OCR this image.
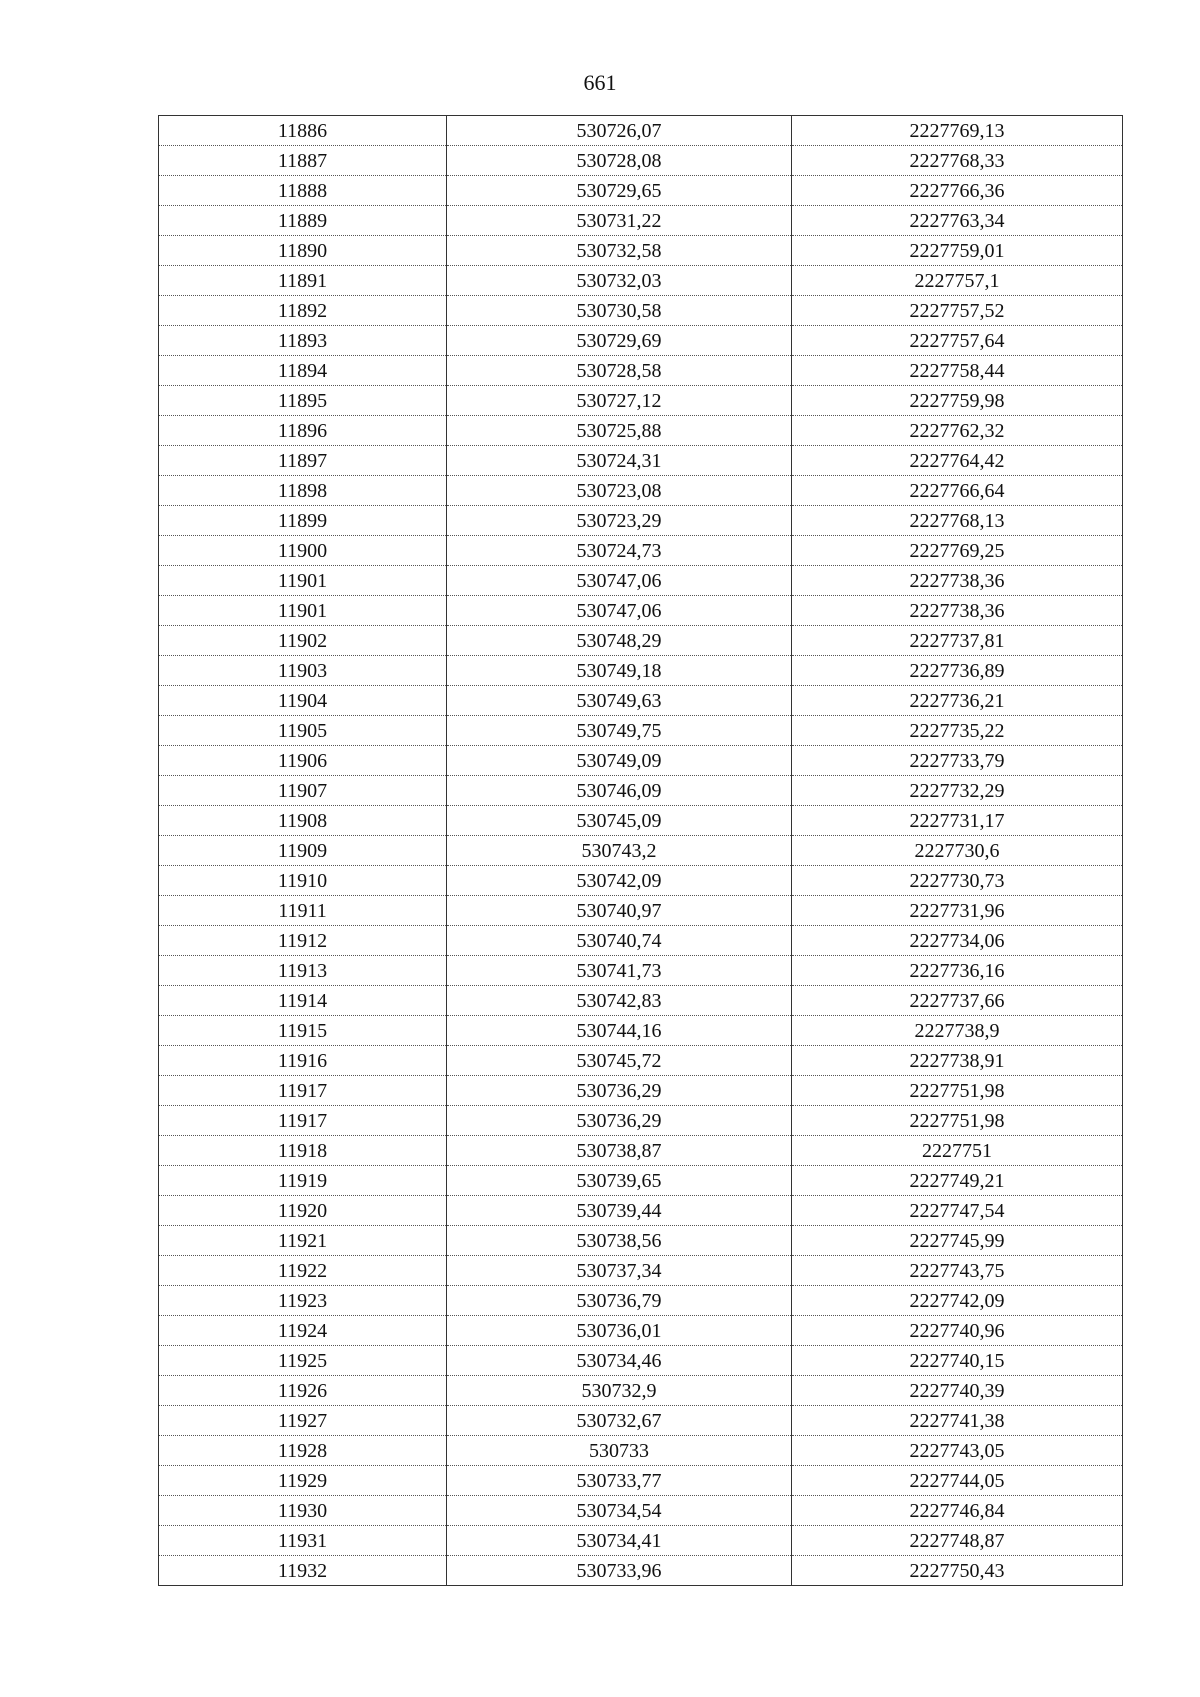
661
11886	530726,07	2227769,13
11887	530728,08	2227768,33
11888	530729,65	2227766,36
11889	530731,22	2227763,34
11890	530732,58	2227759,01
11891	530732,03	2227757,1
11892	530730,58	2227757,52
11893	530729,69	2227757,64
11894	530728,58	2227758,44
11895	530727,12	2227759,98
11896	530725,88	2227762,32
11897	530724,31	2227764,42
11898	530723,08	2227766,64
11899	530723,29	2227768,13
11900	530724,73	2227769,25
11901	530747,06	2227738,36
11901	530747,06	2227738,36
11902	530748,29	2227737,81
11903	530749,18	2227736,89
11904	530749,63	2227736,21
11905	530749,75	2227735,22
11906	530749,09	2227733,79
11907	530746,09	2227732,29
11908	530745,09	2227731,17
11909	530743,2	2227730,6
11910	530742,09	2227730,73
11911	530740,97	2227731,96
11912	530740,74	2227734,06
11913	530741,73	2227736,16
11914	530742,83	2227737,66
11915	530744,16	2227738,9
11916	530745,72	2227738,91
11917	530736,29	2227751,98
11917	530736,29	2227751,98
11918	530738,87	2227751
11919	530739,65	2227749,21
11920	530739,44	2227747,54
11921	530738,56	2227745,99
11922	530737,34	2227743,75
11923	530736,79	2227742,09
11924	530736,01	2227740,96
11925	530734,46	2227740,15
11926	530732,9	2227740,39
11927	530732,67	2227741,38
11928	530733	2227743,05
11929	530733,77	2227744,05
11930	530734,54	2227746,84
11931	530734,41	2227748,87
11932	530733,96	2227750,43
